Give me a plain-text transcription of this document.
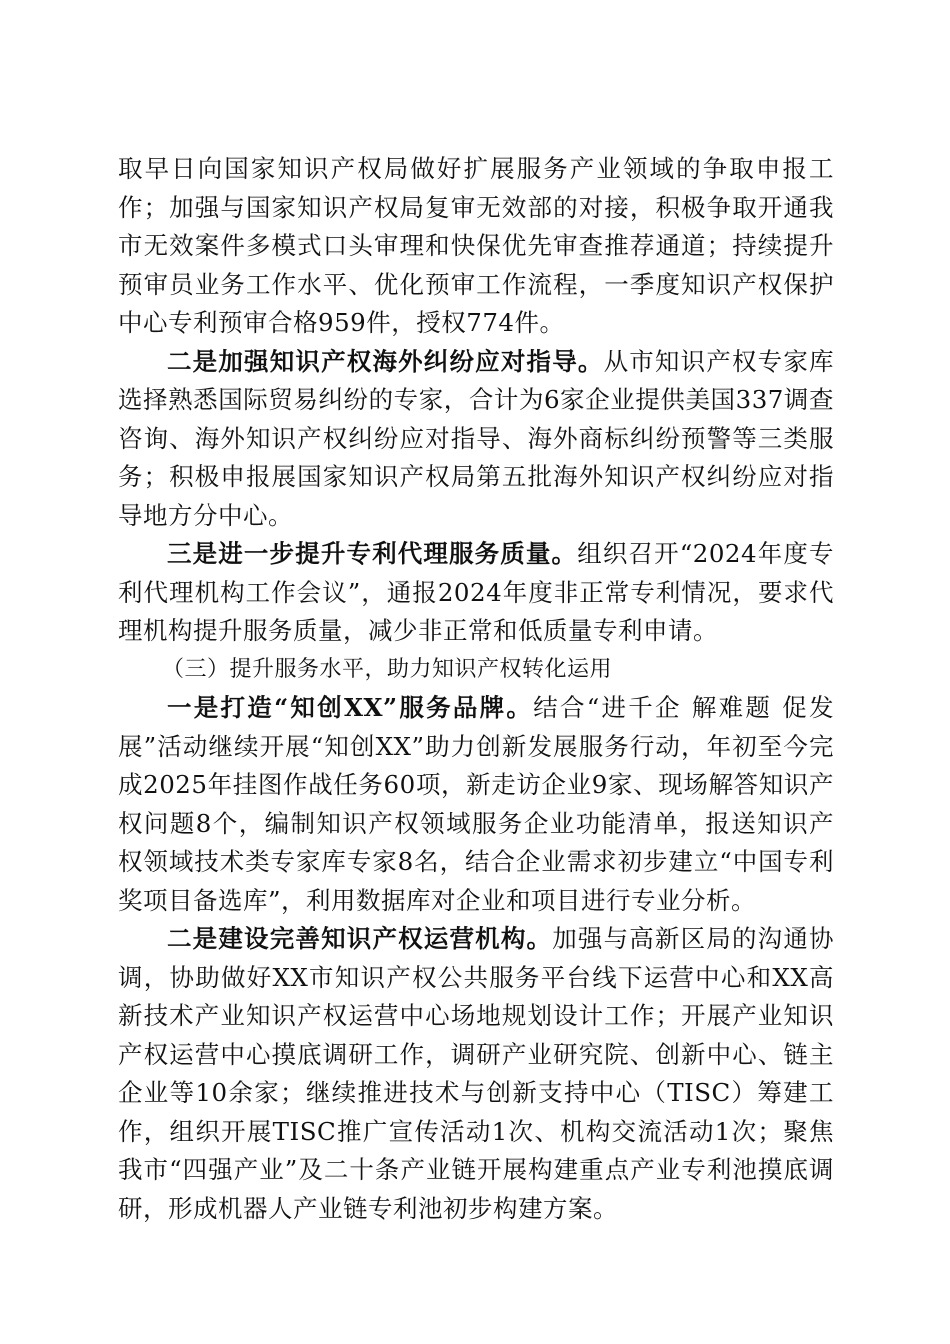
取早日向国家知识产权局做好扩展服务产业领域的争取申报工作；加强与国家知识产权局复审无效部的对接，积极争取开通我市无效案件多模式口头审理和快保优先审查推荐通道；持续提升预审员业务工作水平、优化预审工作流程，一季度知识产权保护中心专利预审合格959件，授权774件。

二是加强知识产权海外纠纷应对指导。从市知识产权专家库选择熟悉国际贸易纠纷的专家，合计为6家企业提供美国337调查咨询、海外知识产权纠纷应对指导、海外商标纠纷预警等三类服务；积极申报展国家知识产权局第五批海外知识产权纠纷应对指导地方分中心。

三是进一步提升专利代理服务质量。组织召开“2024年度专利代理机构工作会议”，通报2024年度非正常专利情况，要求代理机构提升服务质量，减少非正常和低质量专利申请。

（三）提升服务水平，助力知识产权转化运用

一是打造“知创XX”服务品牌。结合“进千企 解难题 促发展”活动继续开展“知创XX”助力创新发展服务行动，年初至今完成2025年挂图作战任务60项，新走访企业9家、现场解答知识产权问题8个，编制知识产权领域服务企业功能清单，报送知识产权领域技术类专家库专家8名，结合企业需求初步建立“中国专利奖项目备选库”，利用数据库对企业和项目进行专业分析。

二是建设完善知识产权运营机构。加强与高新区局的沟通协调，协助做好XX市知识产权公共服务平台线下运营中心和XX高新技术产业知识产权运营中心场地规划设计工作；开展产业知识产权运营中心摸底调研工作，调研产业研究院、创新中心、链主企业等10余家；继续推进技术与创新支持中心（TISC）筹建工作，组织开展TISC推广宣传活动1次、机构交流活动1次；聚焦我市“四强产业”及二十条产业链开展构建重点产业专利池摸底调研，形成机器人产业链专利池初步构建方案。
